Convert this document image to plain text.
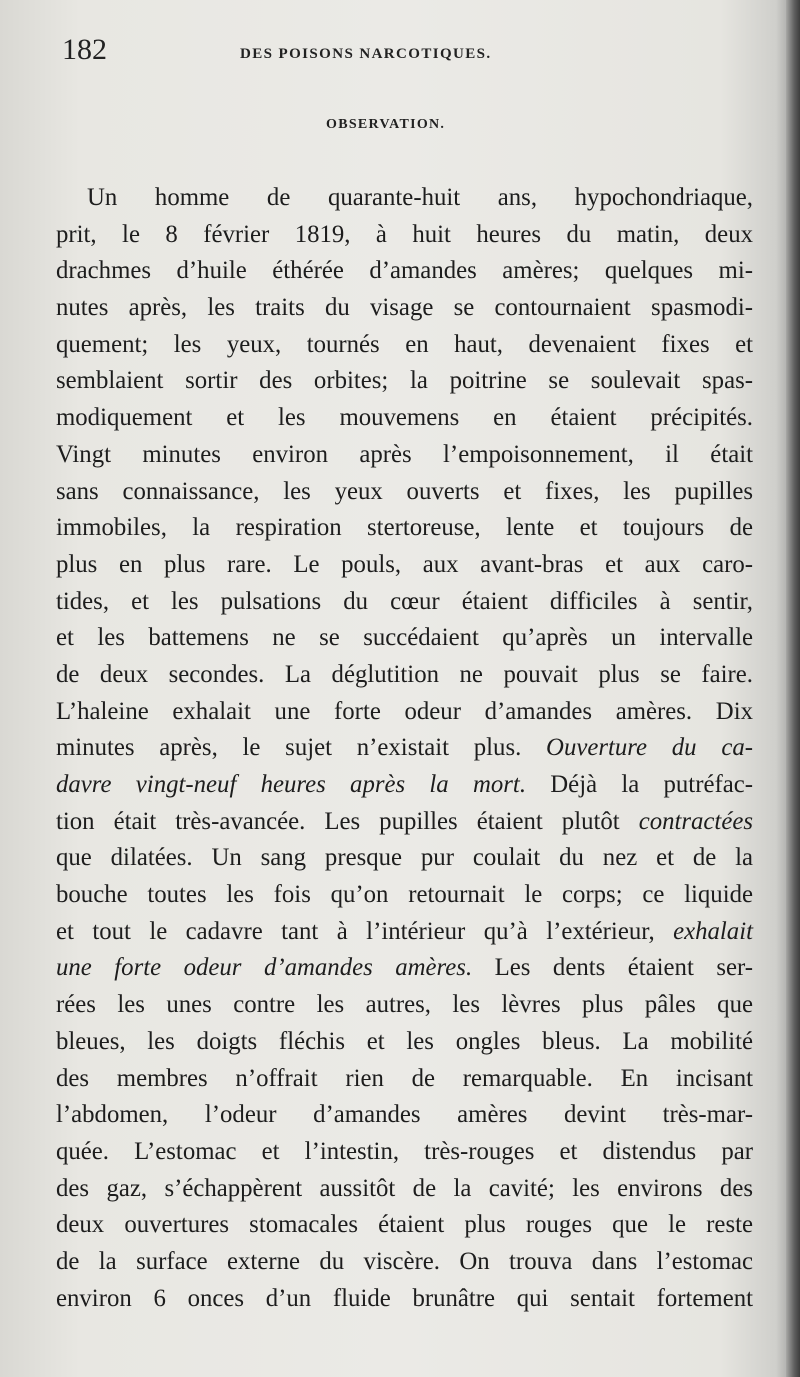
182	DES POISONS NARCOTIQUES.
OBSERVATION.
Un homme de quarante-huit ans, hypochondriaque,
prit, le 8 février 1819, à huit heures du matin, deux
drachmes d’huile éthérée d’amandes amères; quelques mi-
nutes après, les traits du visage se contournaient spasmodi-
quement; les yeux, tournés en haut, devenaient fixes et
semblaient sortir des orbites; la poitrine se soulevait spas-
modiquement et les mouvemens en étaient précipités.
Vingt minutes environ après l’empoisonnement, il était
sans connaissance, les yeux ouverts et fixes, les pupilles
immobiles, la respiration stertoreuse, lente et toujours de
plus en plus rare. Le pouls, aux avant-bras et aux caro-
tides, et les pulsations du cœur étaient difficiles à sentir,
et les battemens ne se succédaient qu’après un intervalle
de deux secondes. La déglutition ne pouvait plus se faire.
L’haleine exhalait une forte odeur d’amandes amères. Dix
minutes après, le sujet n’existait plus. Ouverture du ca-
davre vingt-neuf heures après la mort. Déjà la putréfac-
tion était très-avancée. Les pupilles étaient plutôt contractées
que dilatées. Un sang presque pur coulait du nez et de la
bouche toutes les fois qu’on retournait le corps; ce liquide
et tout le cadavre tant à l’intérieur qu’à l’extérieur, exhalait
une forte odeur d’amandes amères. Les dents étaient ser-
rées les unes contre les autres, les lèvres plus pâles que
bleues, les doigts fléchis et les ongles bleus. La mobilité
des membres n’offrait rien de remarquable. En incisant
l’abdomen, l’odeur d’amandes amères devint très-mar-
quée. L’estomac et l’intestin, très-rouges et distendus par
des gaz, s’échappèrent aussitôt de la cavité; les environs des
deux ouvertures stomacales étaient plus rouges que le reste
de la surface externe du viscère. On trouva dans l’estomac
environ 6 onces d’un fluide brunâtre qui sentait fortement
